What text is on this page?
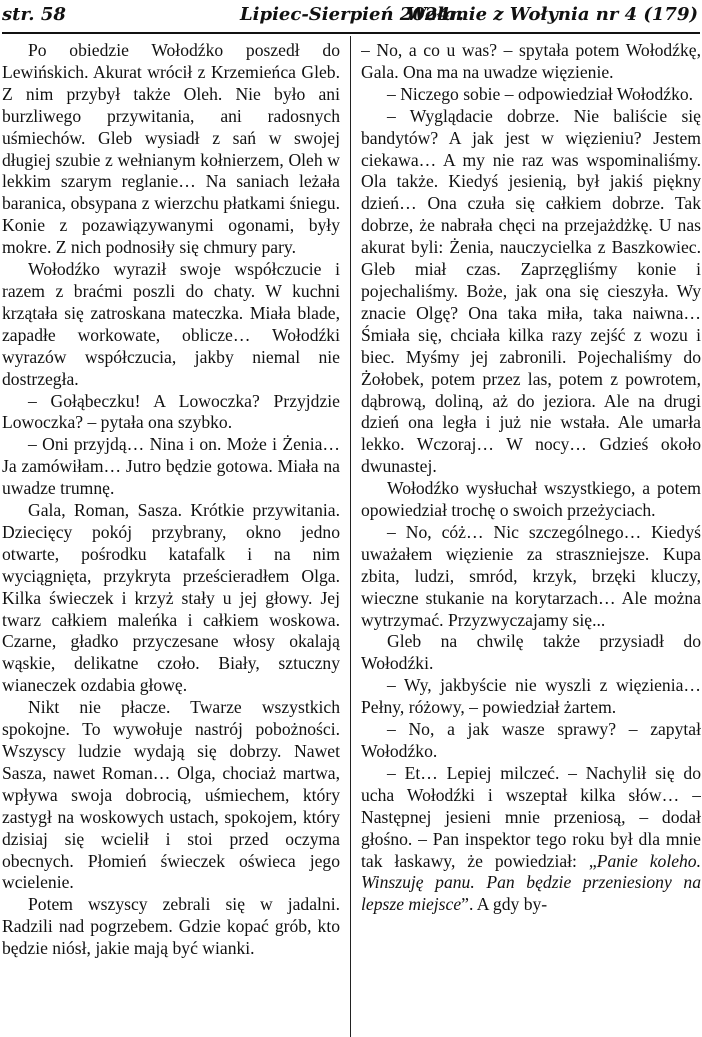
str. 58	Lipiec-Sierpień 2024r.
Wołanie z Wołynia nr 4 (179)

Po obiedzie Wołodźko poszedł do Lewińskich. Akurat wrócił z Krzemieńca Gleb. Z nim przybył także Oleh. Nie było ani burzliwego przywitania, ani radosnych uśmiechów. Gleb wysiadł z sań w swojej długiej szubie z wełnianym kołnierzem, Oleh w lekkim szarym reglanie… Na saniach leżała baranica, obsypana z wierzchu płatkami śniegu. Konie z pozawiązywanymi ogonami, były mokre. Z nich podnosiły się chmury pary.

Wołodźko wyraził swoje współczucie i razem z braćmi poszli do chaty. W kuchni krzątała się zatroskana mateczka. Miała blade, zapadłe workowate, oblicze… Wołodźki wyrazów współczucia, jakby niemal nie dostrzegła.

– Gołąbeczku! A Lowoczka? Przyjdzie Lowoczka? – pytała ona szybko.

– Oni przyjdą… Nina i on. Może i Żenia… Ja zamówiłam… Jutro będzie gotowa. Miała na uwadze trumnę.

Gala, Roman, Sasza. Krótkie przywitania. Dziecięcy pokój przybrany, okno jedno otwarte, pośrodku katafalk i na nim wyciągnięta, przykryta prześcieradłem Olga. Kilka świeczek i krzyż stały u jej głowy. Jej twarz całkiem maleńka i całkiem woskowa. Czarne, gładko przyczesane włosy okalają wąskie, delikatne czoło. Biały, sztuczny wianeczek ozdabia głowę.

Nikt nie płacze. Twarze wszystkich spokojne. To wywołuje nastrój pobożności. Wszyscy ludzie wydają się dobrzy. Nawet Sasza, nawet Roman… Olga, chociaż martwa, wpływa swoja dobrocią, uśmiechem, który zastygł na woskowych ustach, spokojem, który dzisiaj się wcielił i stoi przed oczyma obecnych. Płomień świeczek oświeca jego wcielenie.

Potem wszyscy zebrali się w jadalni. Radzili nad pogrzebem. Gdzie kopać grób, kto będzie niósł, jakie mają być wianki.

– No, a co u was? – spytała potem Wołodźkę, Gala. Ona ma na uwadze więzienie.

– Niczego sobie – odpowiedział Wołodźko.

– Wyglądacie dobrze. Nie baliście się bandytów? A jak jest w więzieniu? Jestem ciekawa… A my nie raz was wspominaliśmy. Ola także. Kiedyś jesienią, był jakiś piękny dzień… Ona czuła się całkiem dobrze. Tak dobrze, że nabrała chęci na przejażdżkę. U nas akurat byli: Żenia, nauczycielka z Baszkowiec. Gleb miał czas. Zaprzęgliśmy konie i pojechaliśmy. Boże, jak ona się cieszyła. Wy znacie Olgę? Ona taka miła, taka naiwna… Śmiała się, chciała kilka razy zejść z wozu i biec. Myśmy jej zabronili. Pojechaliśmy do Żołobek, potem przez las, potem z powrotem, dąbrową, doliną, aż do jeziora. Ale na drugi dzień ona legła i już nie wstała. Ale umarła lekko. Wczoraj… W nocy… Gdzieś około dwunastej.

Wołodźko wysłuchał wszystkiego, a potem opowiedział trochę o swoich przeżyciach.

– No, cóż… Nic szczególnego… Kiedyś uważałem więzienie za straszniejsze. Kupa zbita, ludzi, smród, krzyk, brzęki kluczy, wieczne stukanie na korytarzach… Ale można wytrzymać. Przyzwyczajamy się...

Gleb na chwilę także przysiadł do Wołodźki.

– Wy, jakbyście nie wyszli z więzienia… Pełny, różowy, – powiedział żartem.

– No, a jak wasze sprawy? – zapytał Wołodźko.

– Et… Lepiej milczeć. – Nachylił się do ucha Wołodźki i wszeptał kilka słów… – Następnej jesieni mnie przeniosą, – dodał głośno. – Pan inspektor tego roku był dla mnie tak łaskawy, że powiedział: „Panie koleho. Winszuję panu. Pan będzie przeniesiony na lepsze miejsce”. A gdy by-
